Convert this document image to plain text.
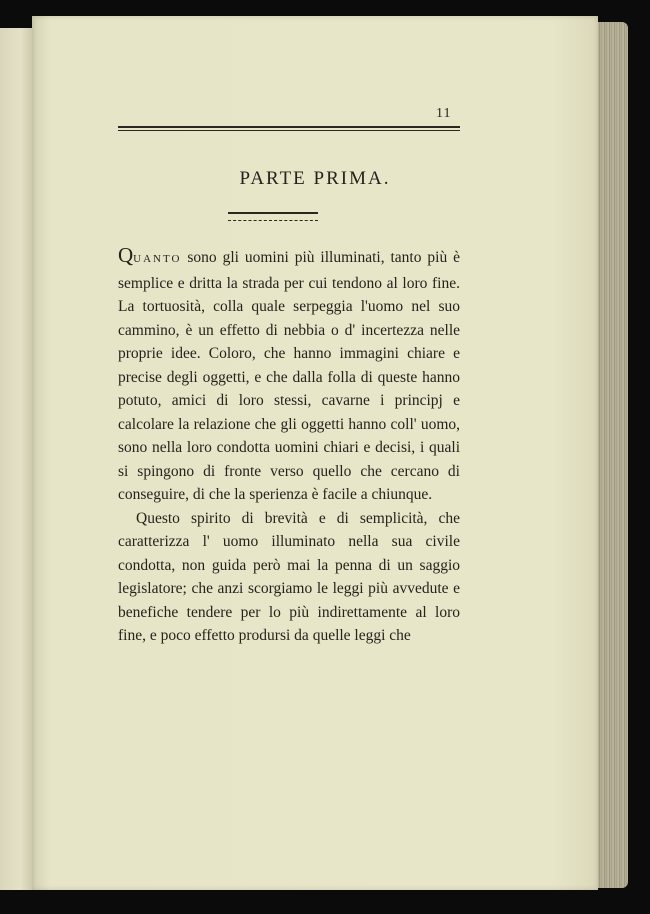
11
PARTE PRIMA.

QUANTO sono gli uomini più illuminati, tanto più è semplice e dritta la strada per cui tendono al loro fine. La tortuosità, colla quale serpeggia l'uomo nel suo cammino, è un effetto di nebbia o d' incertezza nelle proprie idee. Coloro, che hanno immagini chiare e precise degli oggetti, e che dalla folla di queste hanno potuto, amici di loro stessi, cavarne i principj e calcolare la relazione che gli oggetti hanno coll' uomo, sono nella loro condotta uomini chiari e decisi, i quali si spingono di fronte verso quello che cercano di conseguire, di che la sperienza è facile a chiunque.

Questo spirito di brevità e di semplicità, che caratterizza l' uomo illuminato nella sua civile condotta, non guida però mai la penna di un saggio legislatore; che anzi scorgiamo le leggi più avvedute e benefiche tendere per lo più indirettamente al loro fine, e poco effetto prodursi da quelle leggi che
